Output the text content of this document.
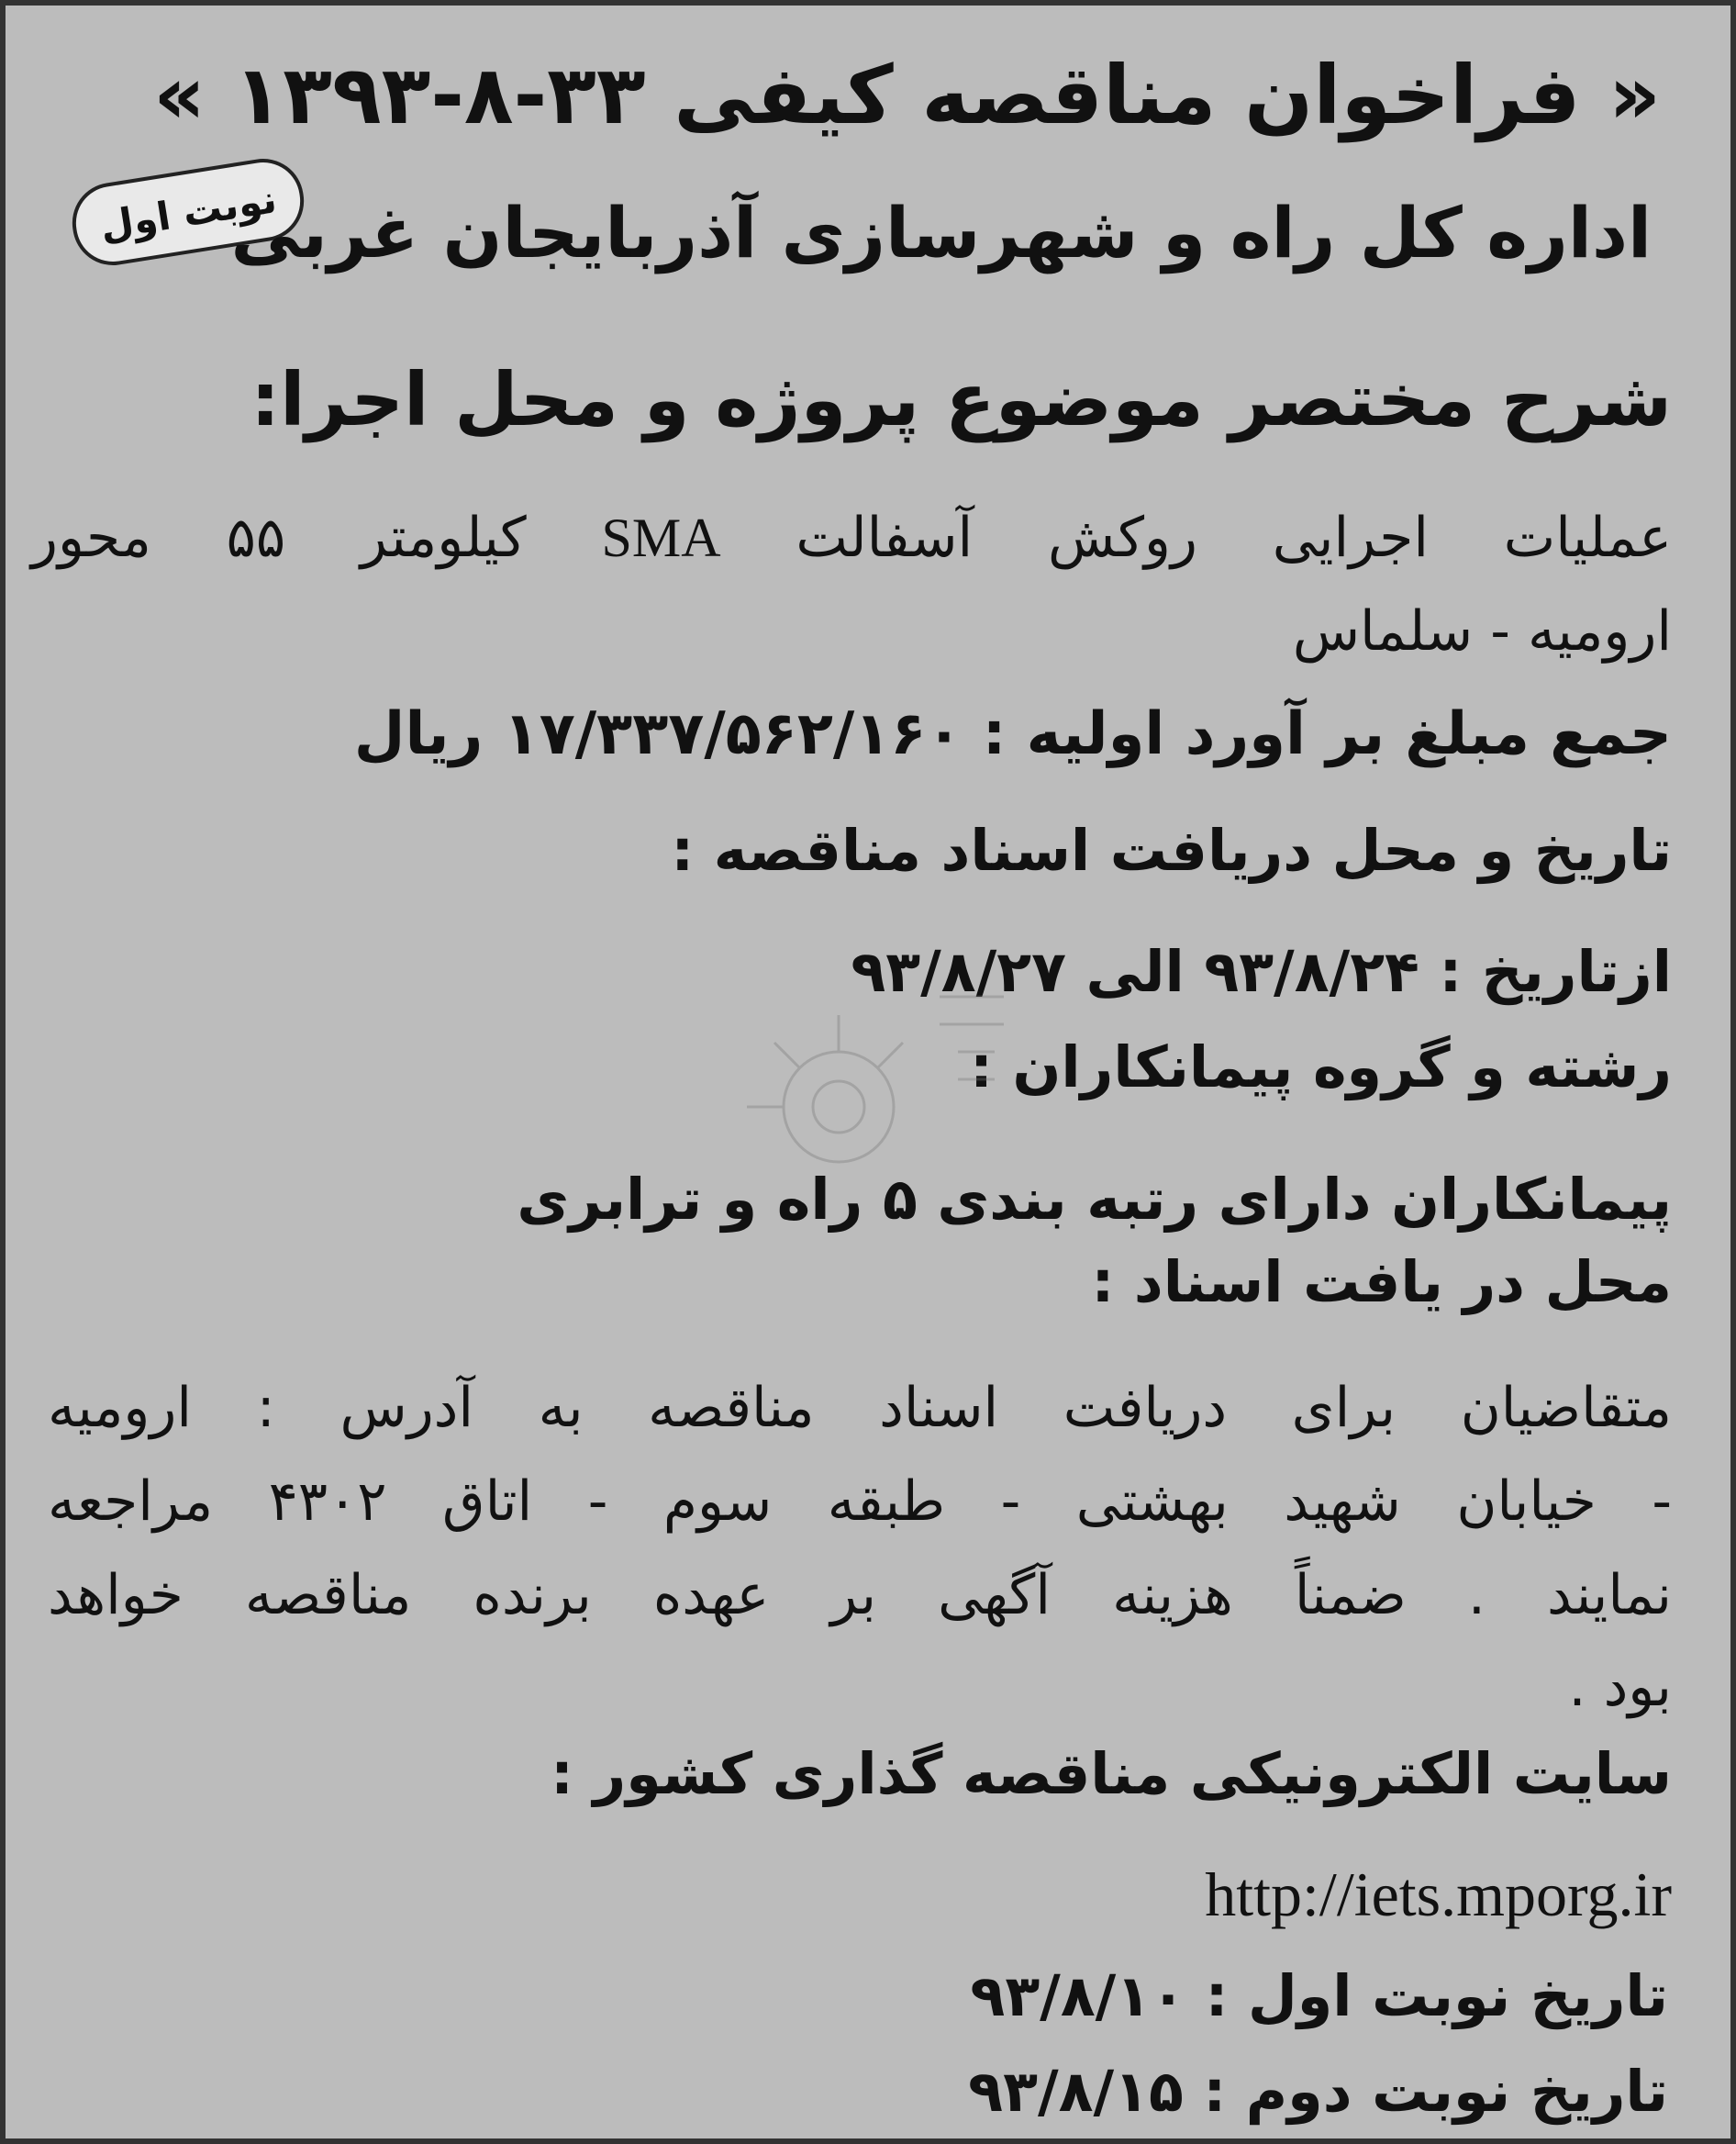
« فراخوان مناقصه کیفی ۳۳-۸-۱۳۹۳ »
نوبت اول
اداره کل راه و شهرسازی آذربایجان غربی
شرح مختصر موضوع پروژه و محل اجرا:
عملیات اجرایی روکش آسفالت SMA کیلومتر ۵۵ محور
ارومیه - سلماس
جمع مبلغ بر آورد اولیه : ۱۷/۳۳۷/۵۶۲/۱۶۰ ریال
تاریخ و محل دریافت اسناد مناقصه :
ازتاریخ : ۹۳/۸/۲۴ الی ۹۳/۸/۲۷
رشته و گروه پیمانکاران :
پیمانکاران دارای رتبه بندی ۵ راه و ترابری
محل در یافت اسناد :
متقاضیان برای دریافت اسناد مناقصه به آدرس : ارومیه
- خیابان شهید بهشتی - طبقه سوم - اتاق ۴۳۰۲ مراجعه
نمایند . ضمناً هزینه آگهی بر عهده برنده مناقصه خواهد
بود .
سایت الکترونیکی مناقصه گذاری کشور :
http://iets.mporg.ir
تاریخ نوبت اول : ۹۳/۸/۱۰
تاریخ نوبت دوم : ۹۳/۸/۱۵
